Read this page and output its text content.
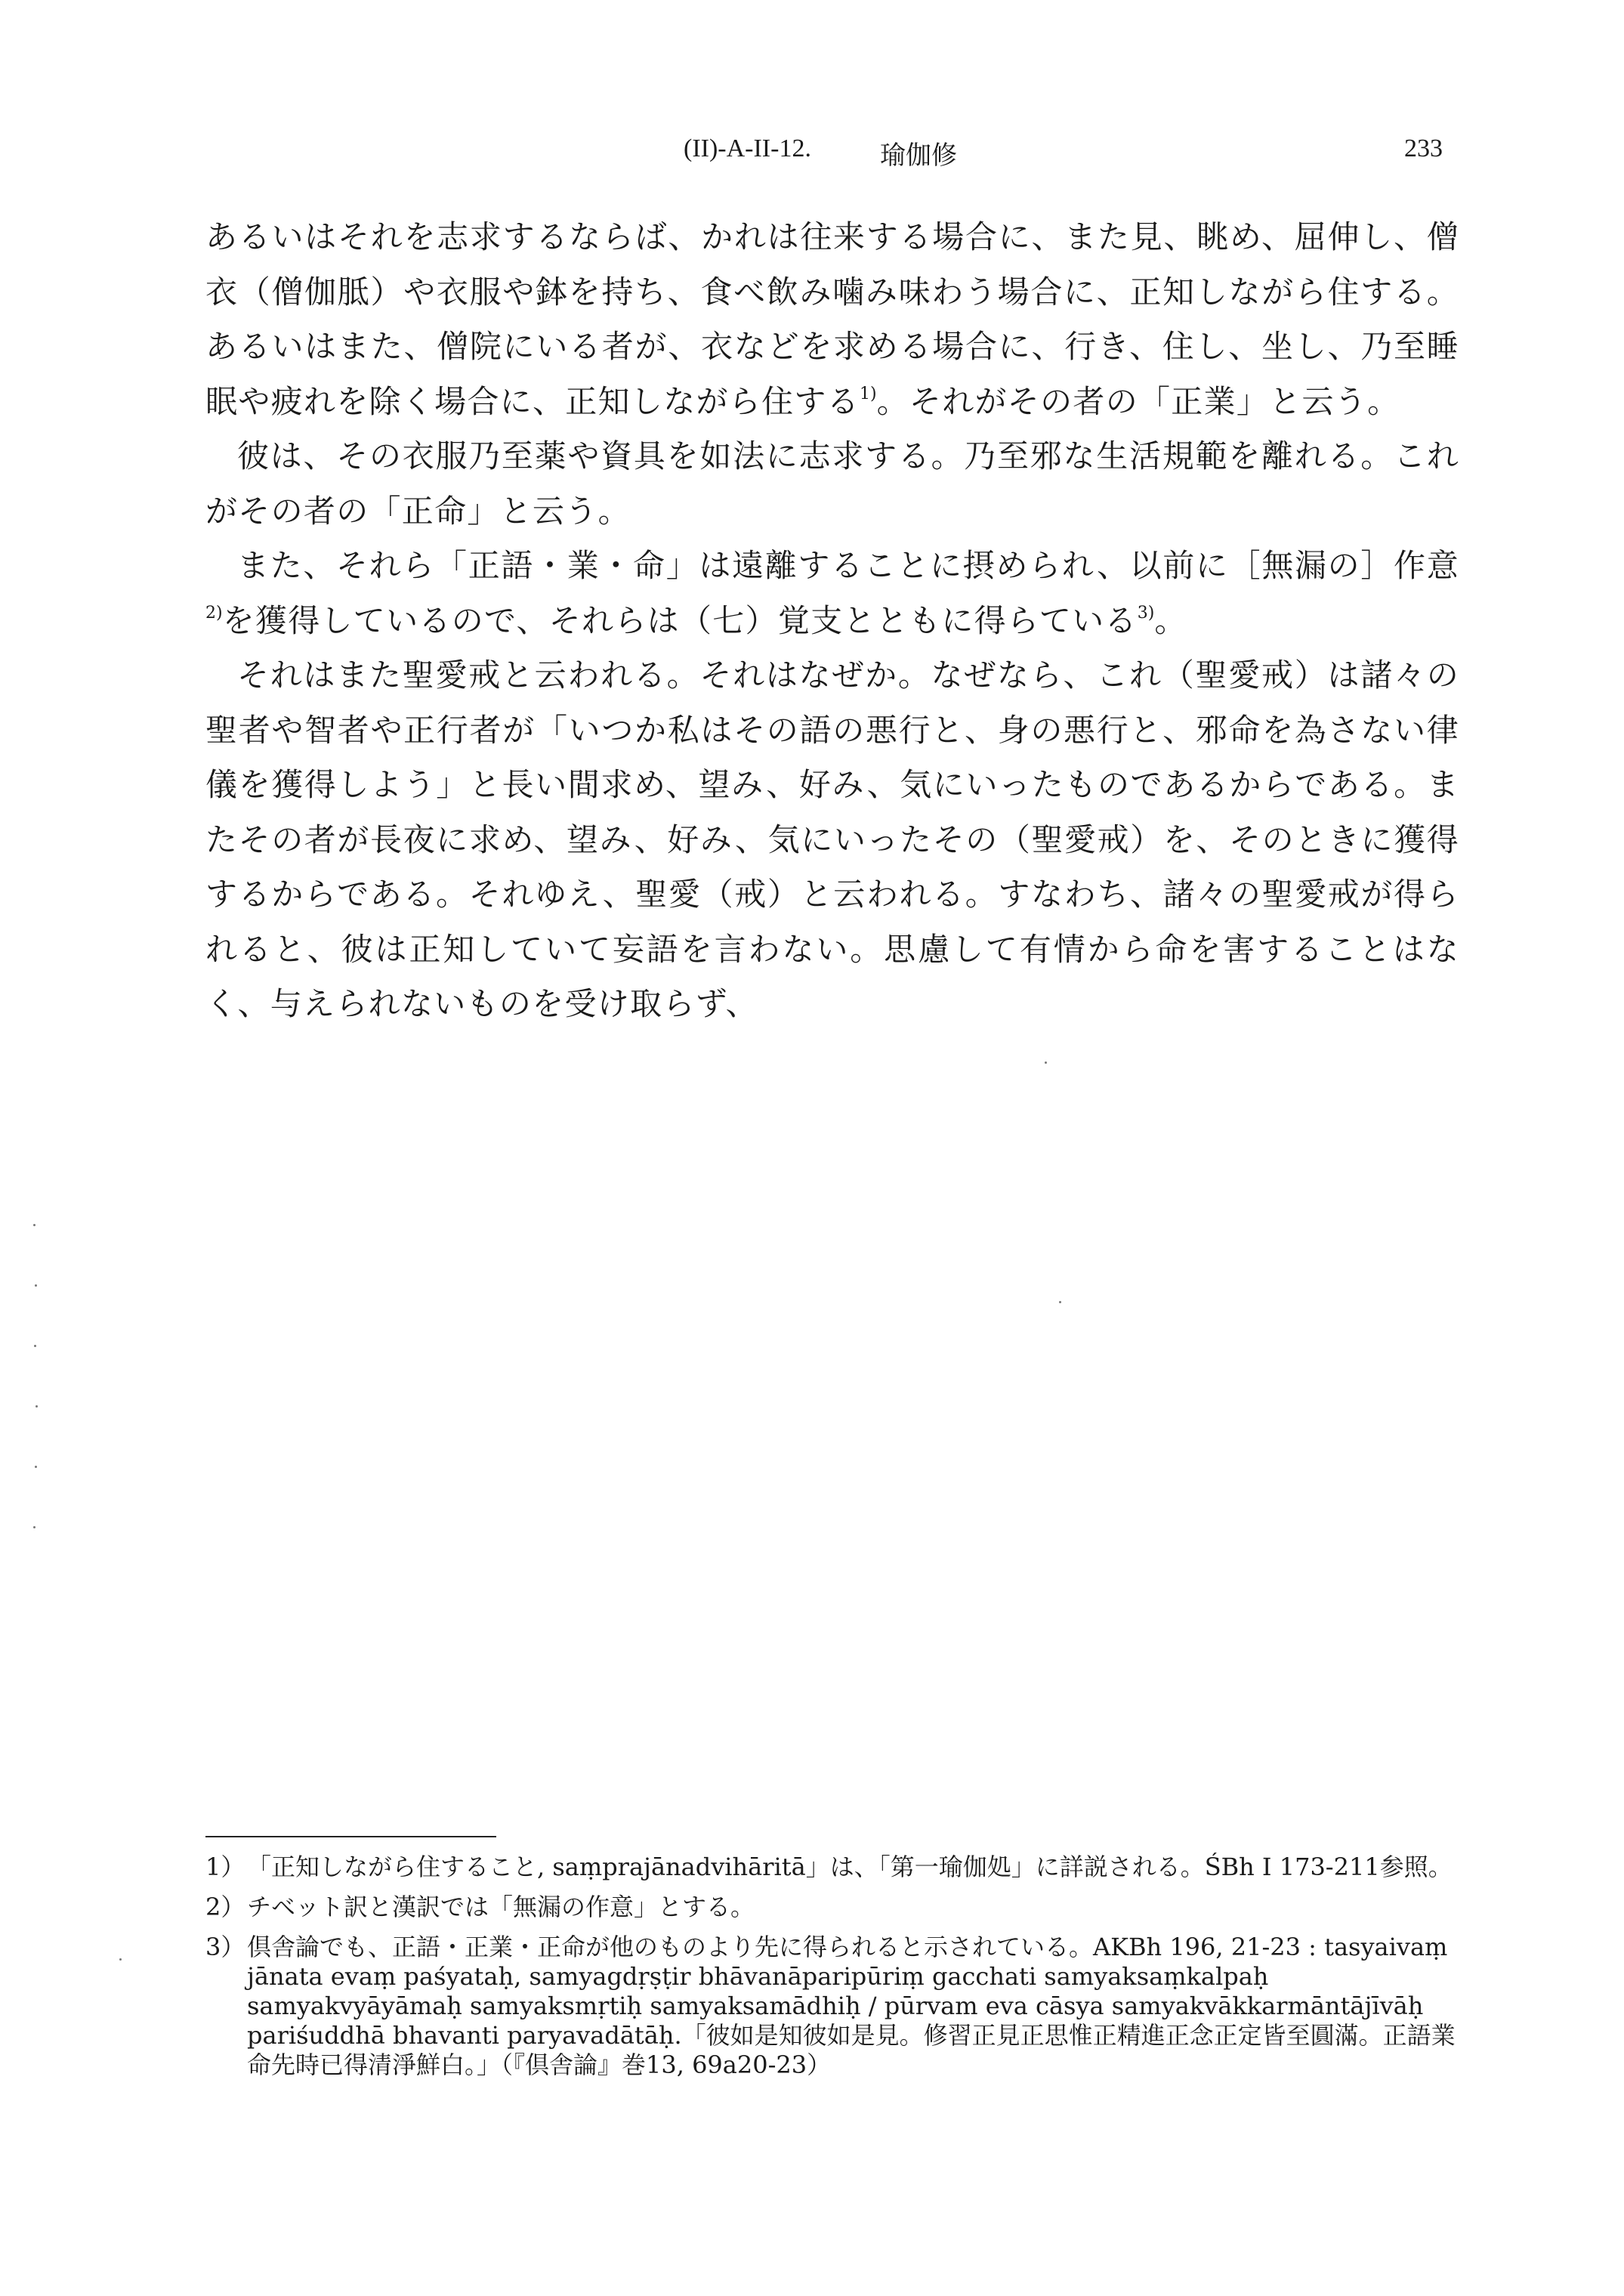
(II)-A-II-12.	瑜伽修	233

あるいはそれを志求するならば、かれは往来する場合に、また見、眺め、屈伸し、僧衣（僧伽胝）や衣服や鉢を持ち、食べ飲み噛み味わう場合に、正知しながら住する。あるいはまた、僧院にいる者が、衣などを求める場合に、行き、住し、坐し、乃至睡眠や疲れを除く場合に、正知しながら住する$^{1)}$。それがその者の「正業」と云う。

彼は、その衣服乃至薬や資具を如法に志求する。乃至邪な生活規範を離れる。これがその者の「正命」と云う。

また、それら「正語・業・命」は遠離することに摂められ、以前に［無漏の］作意$^{2)}$を獲得しているので、それらは（七）覚支とともに得らている$^{3)}$。

それはまた聖愛戒と云われる。それはなぜか。なぜなら、これ（聖愛戒）は諸々の聖者や智者や正行者が「いつか私はその語の悪行と、身の悪行と、邪命を為さない律儀を獲得しよう」と長い間求め、望み、好み、気にいったものであるからである。またその者が長夜に求め、望み、好み、気にいったその（聖愛戒）を、そのときに獲得するからである。それゆえ、聖愛（戒）と云われる。すなわち、諸々の聖愛戒が得られると、彼は正知していて妄語を言わない。思慮して有情から命を害することはなく、与えられないものを受け取らず、

1） 「正知しながら住すること, saṃprajānadvihāritā」は、「第一瑜伽処」に詳説される。ŚBh I 173-211参照。
2） チベット訳と漢訳では「無漏の作意」とする。
3） 倶舎論でも、正語・正業・正命が他のものより先に得られると示されている。AKBh 196, 21-23 : tasyaivaṃ jānata evaṃ paśyataḥ, samyagdṛṣṭir bhāvanāparipūriṃ gacchati samyaksaṃkalpaḥ samyakvyāyāmaḥ samyaksmṛtiḥ samyaksamādhiḥ / pūrvam eva cāsya samyakvākkarmāntājīvāḥ pariśuddhā bhavanti paryavadātāḥ.「彼如是知彼如是見。修習正見正思惟正精進正念正定皆至圓滿。正語業命先時已得清淨鮮白。」（『倶舎論』巻13, 69a20-23）
